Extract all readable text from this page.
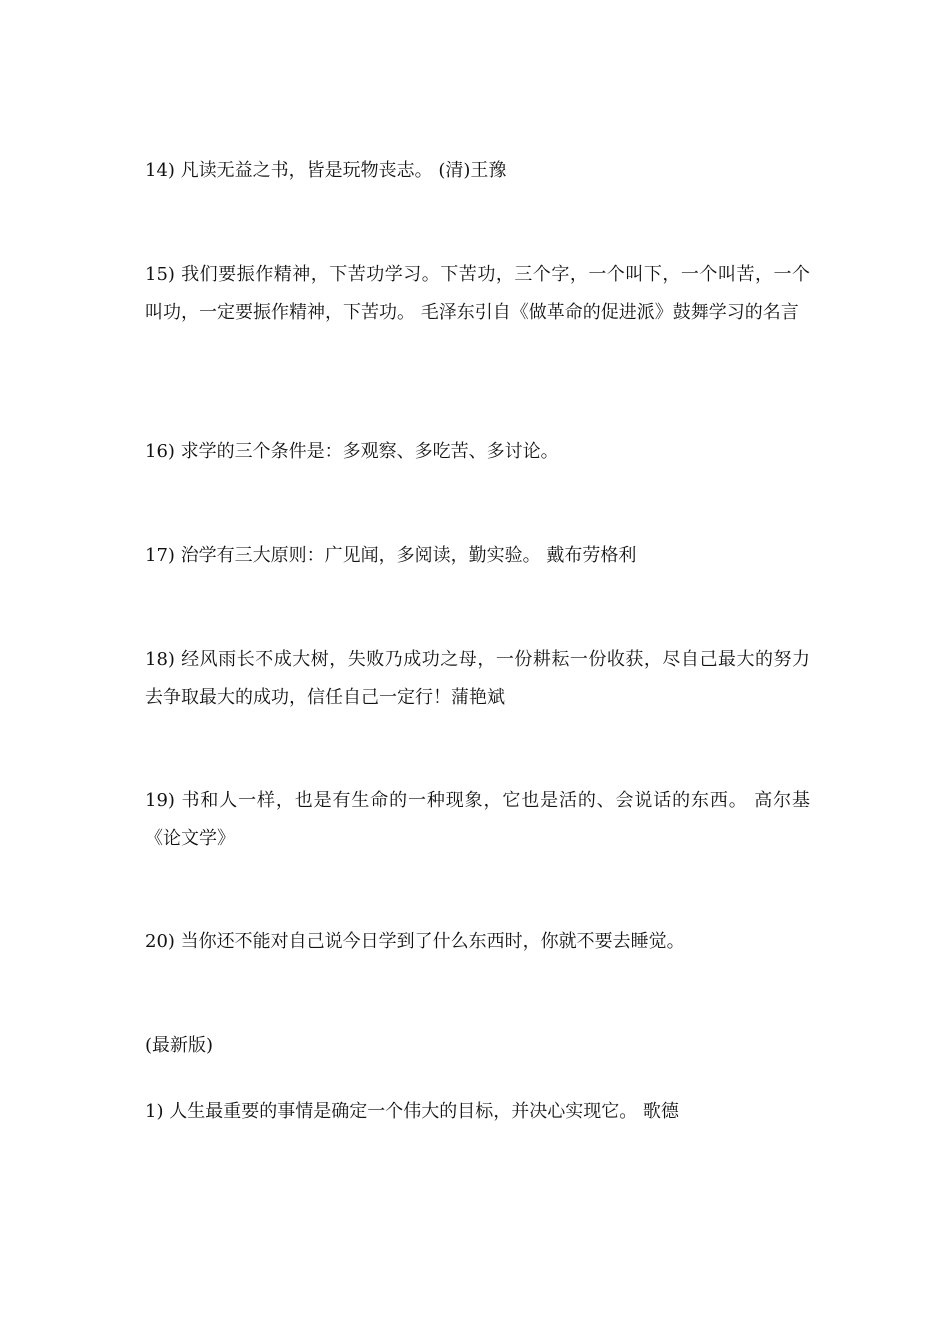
14) 凡读无益之书，皆是玩物丧志。 (清)王豫

15) 我们要振作精神，下苦功学习。下苦功，三个字，一个叫下，一个叫苦，一个叫功，一定要振作精神，下苦功。 毛泽东引自《做革命的促进派》鼓舞学习的名言

16) 求学的三个条件是：多观察、多吃苦、多讨论。

17) 治学有三大原则：广见闻，多阅读，勤实验。 戴布劳格利

18) 经风雨长不成大树，失败乃成功之母，一份耕耘一份收获，尽自己最大的努力去争取最大的成功，信任自己一定行！蒲艳斌

19) 书和人一样，也是有生命的一种现象，它也是活的、会说话的东西。 高尔基《论文学》

20) 当你还不能对自己说今日学到了什么东西时，你就不要去睡觉。

(最新版)

1) 人生最重要的事情是确定一个伟大的目标，并决心实现它。 歌德
